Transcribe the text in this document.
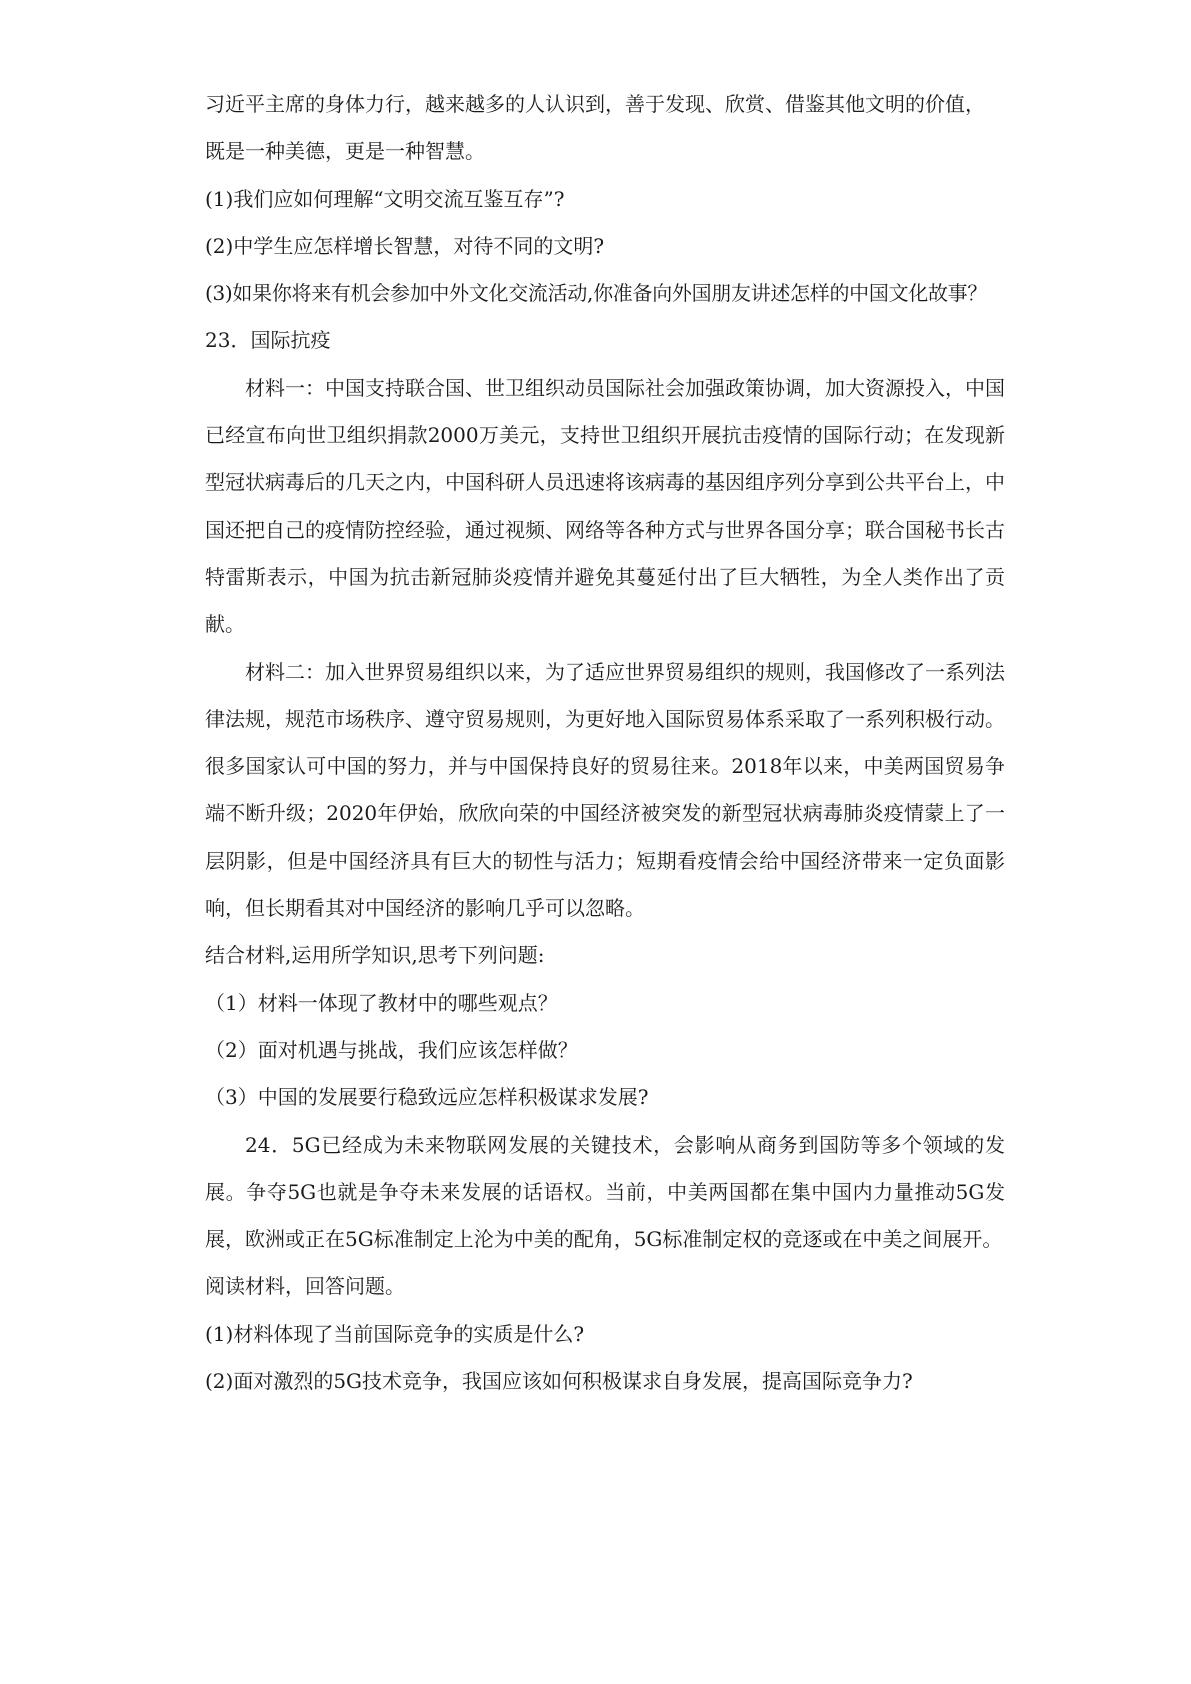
习近平主席的身体力行，越来越多的人认识到，善于发现、欣赏、借鉴其他文明的价值，

既是一种美德，更是一种智慧。

(1)我们应如何理解“文明交流互鉴互存”?

(2)中学生应怎样增长智慧，对待不同的文明?

(3)如果你将来有机会参加中外文化交流活动,你准备向外国朋友讲述怎样的中国文化故事？

23．国际抗疫

材料一：中国支持联合国、世卫组织动员国际社会加强政策协调，加大资源投入，中国已经宣布向世卫组织捐款2000万美元，支持世卫组织开展抗击疫情的国际行动；在发现新型冠状病毒后的几天之内，中国科研人员迅速将该病毒的基因组序列分享到公共平台上，中国还把自己的疫情防控经验，通过视频、网络等各种方式与世界各国分享；联合国秘书长古特雷斯表示，中国为抗击新冠肺炎疫情并避免其蔓延付出了巨大牺牲，为全人类作出了贡献。

材料二：加入世界贸易组织以来，为了适应世界贸易组织的规则，我国修改了一系列法律法规，规范市场秩序、遵守贸易规则，为更好地入国际贸易体系采取了一系列积极行动。很多国家认可中国的努力，并与中国保持良好的贸易往来。2018年以来，中美两国贸易争端不断升级；2020年伊始，欣欣向荣的中国经济被突发的新型冠状病毒肺炎疫情蒙上了一层阴影，但是中国经济具有巨大的韧性与活力；短期看疫情会给中国经济带来一定负面影响，但长期看其对中国经济的影响几乎可以忽略。

结合材料,运用所学知识,思考下列问题:

（1）材料一体现了教材中的哪些观点？

（2）面对机遇与挑战，我们应该怎样做？

（3）中国的发展要行稳致远应怎样积极谋求发展?

24．5G已经成为未来物联网发展的关键技术，会影响从商务到国防等多个领域的发展。争夺5G也就是争夺未来发展的话语权。当前，中美两国都在集中国内力量推动5G发展，欧洲或正在5G标准制定上沦为中美的配角，5G标准制定权的竞逐或在中美之间展开。

阅读材料，回答问题。

(1)材料体现了当前国际竞争的实质是什么?

(2)面对激烈的5G技术竞争，我国应该如何积极谋求自身发展，提高国际竞争力?
